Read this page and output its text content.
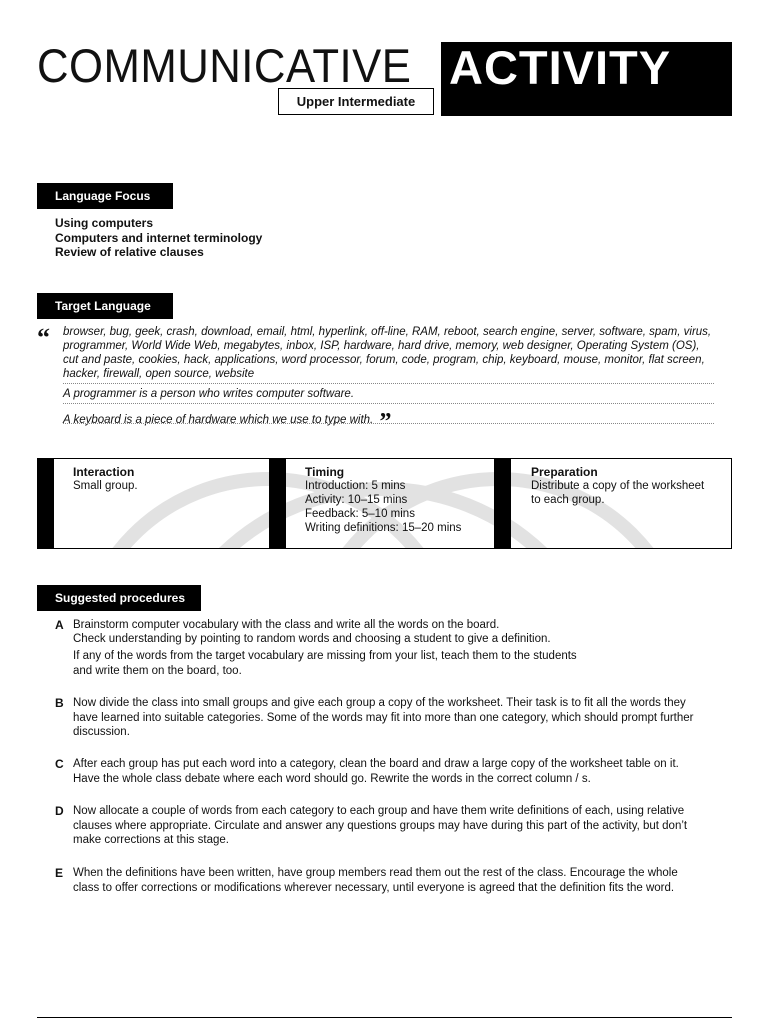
COMMUNICATIVE ACTIVITY
Upper Intermediate
Language Focus
Using computers
Computers and internet terminology
Review of relative clauses
Target Language
“ browser, bug, geek, crash, download, email, html, hyperlink, off-line, RAM, reboot, search engine, server, software, spam, virus, programmer, World Wide Web, megabytes, inbox, ISP, hardware, hard drive, memory, web designer, Operating System (OS), cut and paste, cookies, hack, applications, word processor, forum, code, program, chip, keyboard, mouse, monitor, flat screen, hacker, firewall, open source, website
A programmer is a person who writes computer software.
A keyboard is a piece of hardware which we use to type with. ”
Interaction
Small group.
Timing
Introduction: 5 mins
Activity: 10–15 mins
Feedback: 5–10 mins
Writing definitions: 15–20 mins
Preparation
Distribute a copy of the worksheet to each group.
Suggested procedures
A Brainstorm computer vocabulary with the class and write all the words on the board.
Check understanding by pointing to random words and choosing a student to give a definition.
If any of the words from the target vocabulary are missing from your list, teach them to the students and write them on the board, too.
B Now divide the class into small groups and give each group a copy of the worksheet. Their task is to fit all the words they have learned into suitable categories. Some of the words may fit into more than one category, which should prompt further discussion.
C After each group has put each word into a category, clean the board and draw a large copy of the worksheet table on it. Have the whole class debate where each word should go. Rewrite the words in the correct column / s.
D Now allocate a couple of words from each category to each group and have them write definitions of each, using relative clauses where appropriate. Circulate and answer any questions groups may have during this part of the activity, but don’t make corrections at this stage.
E When the definitions have been written, have group members read them out the rest of the class. Encourage the whole class to offer corrections or modifications wherever necessary, until everyone is agreed that the definition fits the word.
